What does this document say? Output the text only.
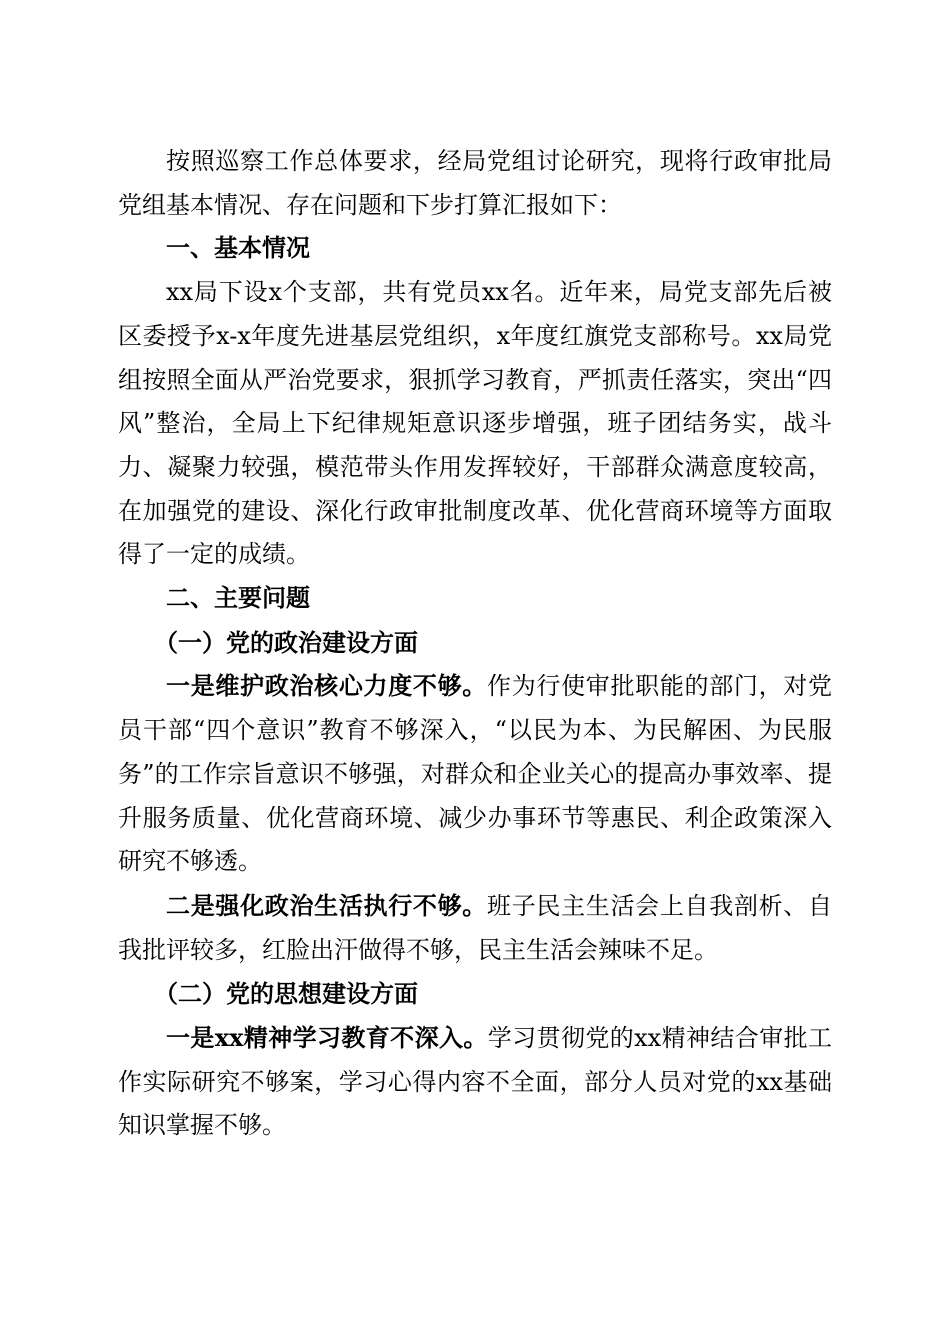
按照巡察工作总体要求，经局党组讨论研究，现将行政审批局党组基本情况、存在问题和下步打算汇报如下：

一、基本情况

xx局下设x个支部，共有党员xx名。近年来，局党支部先后被区委授予x-x年度先进基层党组织，x年度红旗党支部称号。xx局党组按照全面从严治党要求，狠抓学习教育，严抓责任落实，突出“四风”整治，全局上下纪律规矩意识逐步增强，班子团结务实，战斗力、凝聚力较强，模范带头作用发挥较好，干部群众满意度较高，在加强党的建设、深化行政审批制度改革、优化营商环境等方面取得了一定的成绩。

二、主要问题

（一）党的政治建设方面

一是维护政治核心力度不够。作为行使审批职能的部门，对党员干部“四个意识”教育不够深入，“以民为本、为民解困、为民服务”的工作宗旨意识不够强，对群众和企业关心的提高办事效率、提升服务质量、优化营商环境、减少办事环节等惠民、利企政策深入研究不够透。

二是强化政治生活执行不够。班子民主生活会上自我剖析、自我批评较多，红脸出汗做得不够，民主生活会辣味不足。

（二）党的思想建设方面

一是xx精神学习教育不深入。学习贯彻党的xx精神结合审批工作实际研究不够案，学习心得内容不全面，部分人员对党的xx基础知识掌握不够。
